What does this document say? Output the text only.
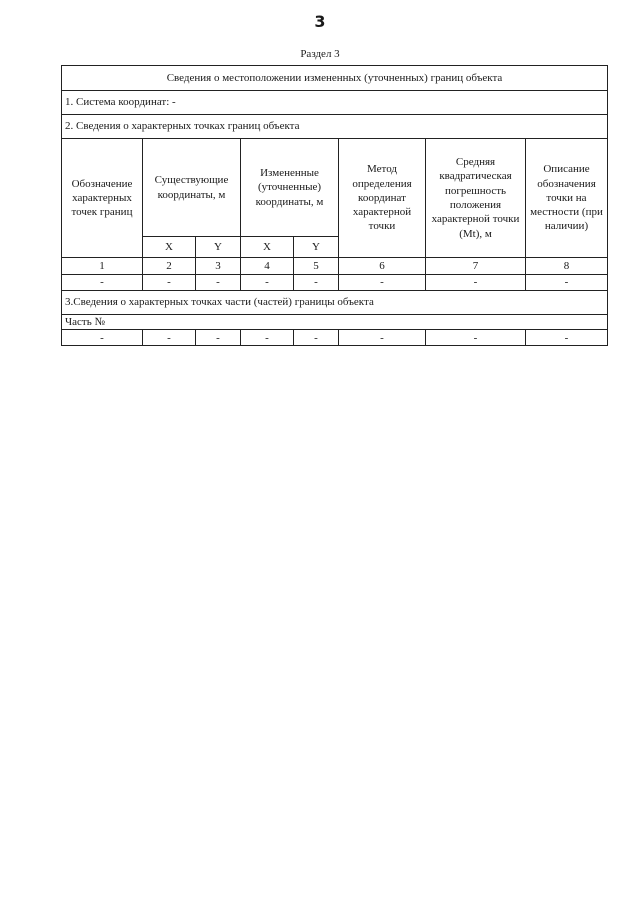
3
Раздел 3
Сведения о местоположении измененных (уточненных) границ объекта							
1. Система координат: -							
2. Сведения о характерных точках границ объекта							
Обозначение характерных точек границ	Существующие координаты, м		Измененные (уточненные) координаты, м		Метод определения координат характерной точки	Средняя квадратическая погрешность положения характерной точки (Mt), м	Описание обозначения точки на местности (при наличии)
	X	Y	X	Y			
1	2	3	4	5	6	7	8
-	-	-	-	-	-	-	-
3.Сведения о характерных точках части (частей) границы объекта							
Часть №							
-	-	-	-	-	-	-	-
